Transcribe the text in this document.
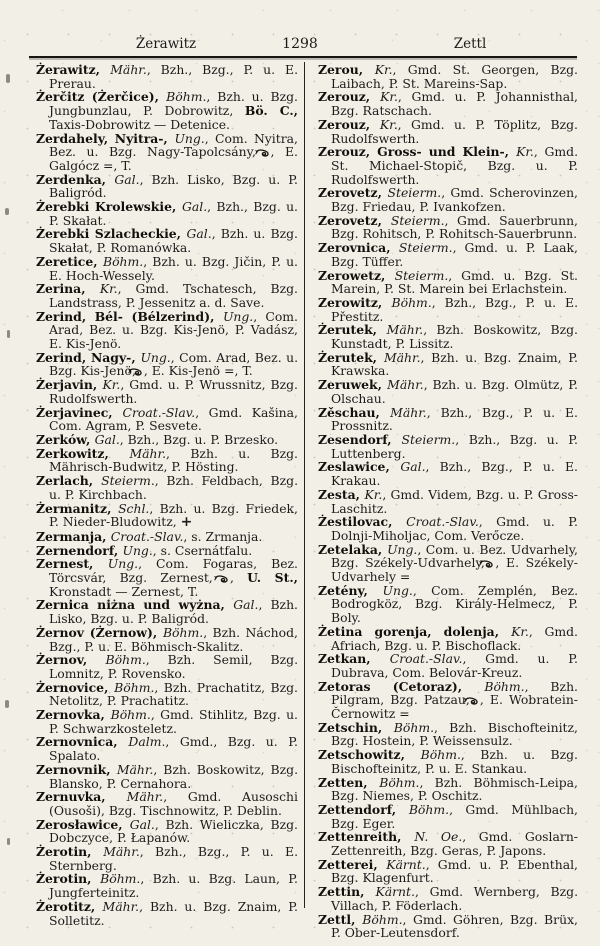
Żerawitz	1298	Zettl

Żerawitz, Mähr., Bzh., Bzg., P. u. E. Prerau.

Żerčitz (Żerčice), Böhm., Bzh. u. Bzg. Jungbunzlau, P. Dobrowitz, Bö. C., Taxis-Dobrowitz — Detenice.

Zerdahely, Nyitra-, Ung., Com. Nyitra, Bez. u. Bzg. Nagy-Tapolcsány, , E. Galgócz =, T.

Zerdenka, Gal., Bzh. Lisko, Bzg. u. P. Baligród.

Żerebki Krolewskie, Gal., Bzh., Bzg. u. P. Skałat.

Żerebki Szlacheckie, Gal., Bzh. u. Bzg. Skałat, P. Romanówka.

Zeretice, Böhm., Bzh. u. Bzg. Jičin, P. u. E. Hoch-Wessely.

Zerina, Kr., Gmd. Tschatesch, Bzg. Landstrass, P. Jessenitz a. d. Save.

Zerind, Bél- (Bélzerind), Ung., Com. Arad, Bez. u. Bzg. Kis-Jenö, P. Vadász, E. Kis-Jenö.

Zerind, Nagy-, Ung., Com. Arad, Bez. u. Bzg. Kis-Jenö, , E. Kis-Jenö =, T.

Żerjavin, Kr., Gmd. u. P. Wrussnitz, Bzg. Rudolfswerth.

Żerjavinec, Croat.-Slav., Gmd. Kašina, Com. Agram, P. Sesvete.

Zerków, Gal., Bzh., Bzg. u. P. Brzesko.

Zerkowitz, Mähr., Bzh. u. Bzg. Mährisch-Budwitz, P. Hösting.

Zerlach, Steierm., Bzh. Feldbach, Bzg. u. P. Kirchbach.

Żermanitz, Schl., Bzh. u. Bzg. Friedek, P. Nieder-Bludowitz, +

Zermanja, Croat.-Slav., s. Zrmanja.

Zernendorf, Ung., s. Csernátfalu.

Zernest, Ung., Com. Fogaras, Bez. Törcsvár, Bzg. Zernest, , U. St., Kronstadt — Zernest, T.

Zernica niżna und wyżna, Gal., Bzh. Lisko, Bzg. u. P. Baligród.

Żernov (Żernow), Böhm., Bzh. Náchod, Bzg., P. u. E. Böhmisch-Skalitz.

Żernov, Böhm., Bzh. Semil, Bzg. Lomnitz, P. Rovensko.

Żernovice, Böhm., Bzh. Prachatitz, Bzg. Netolitz, P. Prachatitz.

Zernovka, Böhm., Gmd. Stihlitz, Bzg. u. P. Schwarzkosteletz.

Zernovnica, Dalm., Gmd., Bzg. u. P. Spalato.

Zernovnik, Mähr., Bzh. Boskowitz, Bzg. Blansko, P. Cernahora.

Zernuvka, Mähr., Gmd. Ausoschi (Ousoši), Bzg. Tischnowitz, P. Deblin.

Zerosławice, Gal., Bzh. Wieliczka, Bzg. Dobczyce, P. Łapanów.

Żerotin, Mähr., Bzh., Bzg., P. u. E. Sternberg.

Żerotin, Böhm., Bzh. u. Bzg. Laun, P. Jungferteinitz.

Żerotitz, Mähr., Bzh. u. Bzg. Znaim, P. Solletitz.

Zerou, Kr., Gmd. St. Georgen, Bzg. Laibach, P. St. Mareins-Sap.

Zerouz, Kr., Gmd. u. P. Johannisthal, Bzg. Ratschach.

Zerouz, Kr., Gmd. u. P. Töplitz, Bzg. Rudolfswerth.

Zerouz, Gross- und Klein-, Kr., Gmd. St. Michael-Stopič, Bzg. u. P. Rudolfswerth.

Zerovetz, Steierm., Gmd. Scherovinzen, Bzg. Friedau, P. Ivankofzen.

Zerovetz, Steierm., Gmd. Sauerbrunn, Bzg. Rohitsch, P. Rohitsch-Sauerbrunn.

Zerovnica, Steierm., Gmd. u. P. Laak, Bzg. Tüffer.

Zerowetz, Steierm., Gmd. u. Bzg. St. Marein, P. St. Marein bei Erlachstein.

Zerowitz, Böhm., Bzh., Bzg., P. u. E. Přestitz.

Żerutek, Mähr., Bzh. Boskowitz, Bzg. Kunstadt, P. Lissitz.

Żerutek, Mähr., Bzh. u. Bzg. Znaim, P. Krawska.

Zeruwek, Mähr., Bzh. u. Bzg. Olmütz, P. Olschau.

Zěschau, Mähr., Bzh., Bzg., P. u. E. Prossnitz.

Zesendorf, Steierm., Bzh., Bzg. u. P. Luttenberg.

Zeslawice, Gal., Bzh., Bzg., P. u. E. Krakau.

Zesta, Kr., Gmd. Videm, Bzg. u. P. Gross-Laschitz.

Żestilovac, Croat.-Slav., Gmd. u. P. Dolnji-Miholjac, Com. Verőcze.

Zetelaka, Ung., Com. u. Bez. Udvarhely, Bzg. Székely-Udvarhely, , E. Székely-Udvarhely =

Zetény, Ung., Com. Zemplén, Bez. Bodrogköz, Bzg. Király-Helmecz, P. Boly.

Żetina gorenja, dolenja, Kr., Gmd. Afriach, Bzg. u. P. Bischoflack.

Zetkan, Croat.-Slav., Gmd. u. P. Dubrava, Com. Belovár-Kreuz.

Zetoras (Cetoraz), Böhm., Bzh. Pilgram, Bzg. Patzau, , E. Wobratein-Černowitz =

Zetschin, Böhm., Bzh. Bischofteinitz, Bzg. Hostein, P. Weissensulz.

Zetschowitz, Böhm., Bzh. u. Bzg. Bischofteinitz, P. u. E. Stankau.

Zetten, Böhm., Bzh. Böhmisch-Leipa, Bzg. Niemes, P. Oschitz.

Zettendorf, Böhm., Gmd. Mühlbach, Bzg. Eger.

Zettenreith, N. Oe., Gmd. Goslarn-Zettenreith, Bzg. Geras, P. Japons.

Zetterei, Kärnt., Gmd. u. P. Ebenthal, Bzg. Klagenfurt.

Zettin, Kärnt., Gmd. Wernberg, Bzg. Villach, P. Föderlach.

Zettl, Böhm., Gmd. Göhren, Bzg. Brüx, P. Ober-Leutensdorf.
